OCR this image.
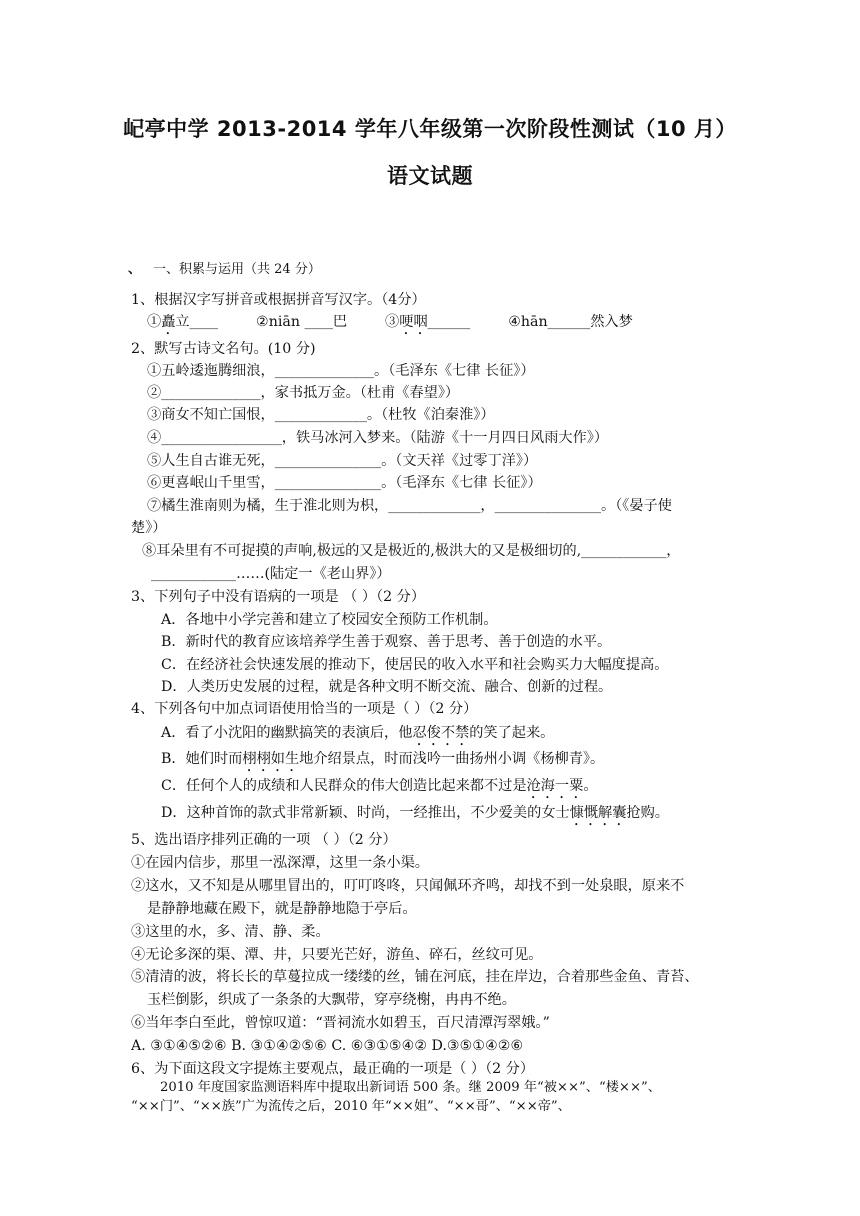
屺亭中学 2013-2014 学年八年级第一次阶段性测试（10 月）
语文试题
、 一、积累与运用（共 24 分）
1、根据汉字写拼音或根据拼音写汉字。（4分）
①矗立____	②niān ____巴	③哽咽______	④hān______然入梦
2、默写古诗文名句。(10 分)
①五岭逶迤腾细浪，______________。（毛泽东《七律 长征》）
②______________，家书抵万金。（杜甫《春望》）
③商女不知亡国恨，_____________。（杜牧《泊秦淮》）
④_________________，铁马冰河入梦来。（陆游《十一月四日风雨大作》）
⑤人生自古谁无死，_______________。（文天祥《过零丁洋》）
⑥更喜岷山千里雪，_______________。（毛泽东《七律 长征》）
⑦橘生淮南则为橘，生于淮北则为枳，_____________，_______________。（《晏子使
楚》）
⑧耳朵里有不可捉摸的声响,极远的又是极近的,极洪大的又是极细切的,____________，
____________……(陆定一《老山界》）
3、下列句子中没有语病的一项是 （ ）（2 分）
A．各地中小学完善和建立了校园安全预防工作机制。
B．新时代的教育应该培养学生善于观察、善于思考、善于创造的水平。
C．在经济社会快速发展的推动下，使居民的收入水平和社会购买力大幅度提高。
D．人类历史发展的过程，就是各种文明不断交流、融合、创新的过程。
4、下列各句中加点词语使用恰当的一项是（ ）（2 分）
A．看了小沈阳的幽默搞笑的表演后，他忍俊不禁的笑了起来。
B．她们时而栩栩如生地介绍景点，时而浅吟一曲扬州小调《杨柳青》。
C．任何个人的成绩和人民群众的伟大创造比起来都不过是沧海一粟。
D．这种首饰的款式非常新颖、时尚，一经推出，不少爱美的女士慷慨解囊抢购。
5、选出语序排列正确的一项 （ ）（2 分）
①在园内信步，那里一泓深潭，这里一条小渠。
②这水，又不知是从哪里冒出的，叮叮咚咚，只闻佩环齐鸣，却找不到一处泉眼，原来不
是静静地藏在殿下，就是静静地隐于亭后。
③这里的水，多、清、静、柔。
④无论多深的渠、潭、井，只要光芒好，游鱼、碎石，丝纹可见。
⑤清清的波，将长长的草蔓拉成一缕缕的丝，铺在河底，挂在岸边，合着那些金鱼、青苔、
玉栏倒影，织成了一条条的大飘带，穿亭绕榭，冉冉不绝。
⑥当年李白至此，曾惊叹道：“晋祠流水如碧玉，百尺清潭泻翠娥。”
A. ③①④⑤②⑥ B. ③①④②⑤⑥ C. ⑥③①⑤④② D.③⑤①④②⑥
6、为下面这段文字提炼主要观点，最正确的一项是（ ）（2 分）
2010 年度国家监测语料库中提取出新词语 500 条。继 2009 年“被××”、“楼××”、
“××门”、“××族”广为流传之后，2010 年“××姐”、“××哥”、“××帝”、
